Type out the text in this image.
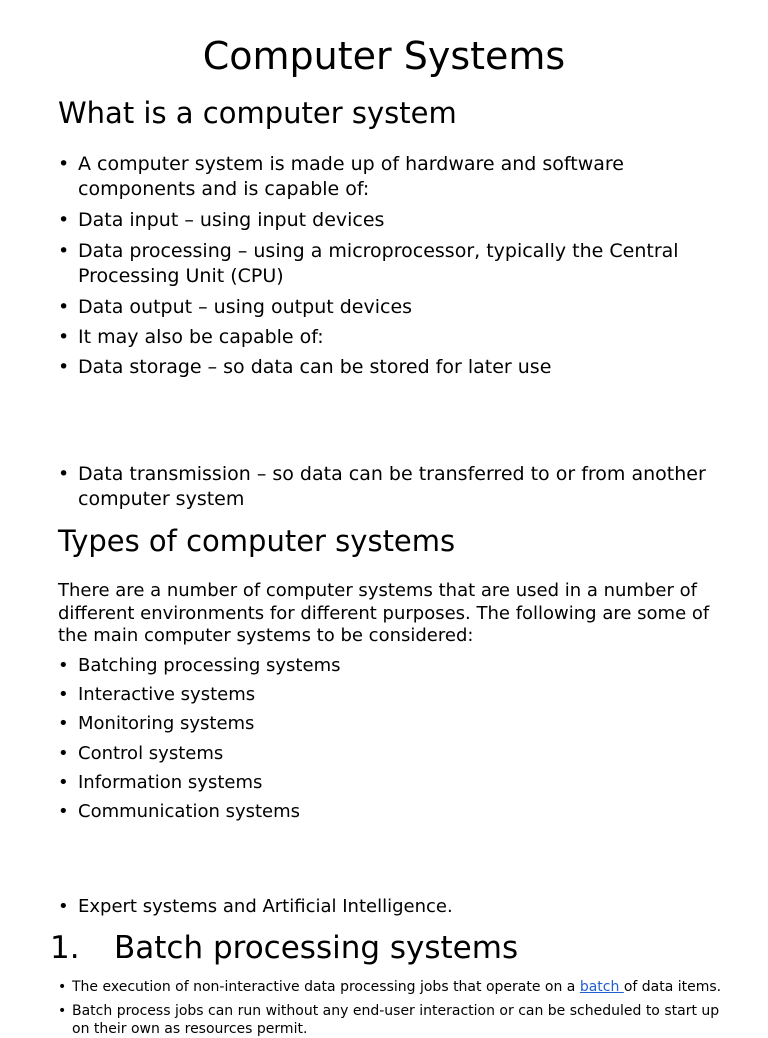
Computer Systems
What is a computer system
• A computer system is made up of hardware and software components and is capable of:
• Data input – using input devices
• Data processing – using a microprocessor, typically the Central Processing Unit (CPU)
• Data output – using output devices
• It may also be capable of:
• Data storage – so data can be stored for later use
• Data transmission – so data can be transferred to or from another computer system
Types of computer systems
There are a number of computer systems that are used in a number of different environments for different purposes. The following are some of the main computer systems to be considered:
• Batching processing systems
• Interactive systems
• Monitoring systems
• Control systems
• Information systems
• Communication systems
• Expert systems and Artificial Intelligence.
1. Batch processing systems
• The execution of non-interactive data processing jobs that operate on a batch of data items.
• Batch process jobs can run without any end-user interaction or can be scheduled to start up on their own as resources permit.
